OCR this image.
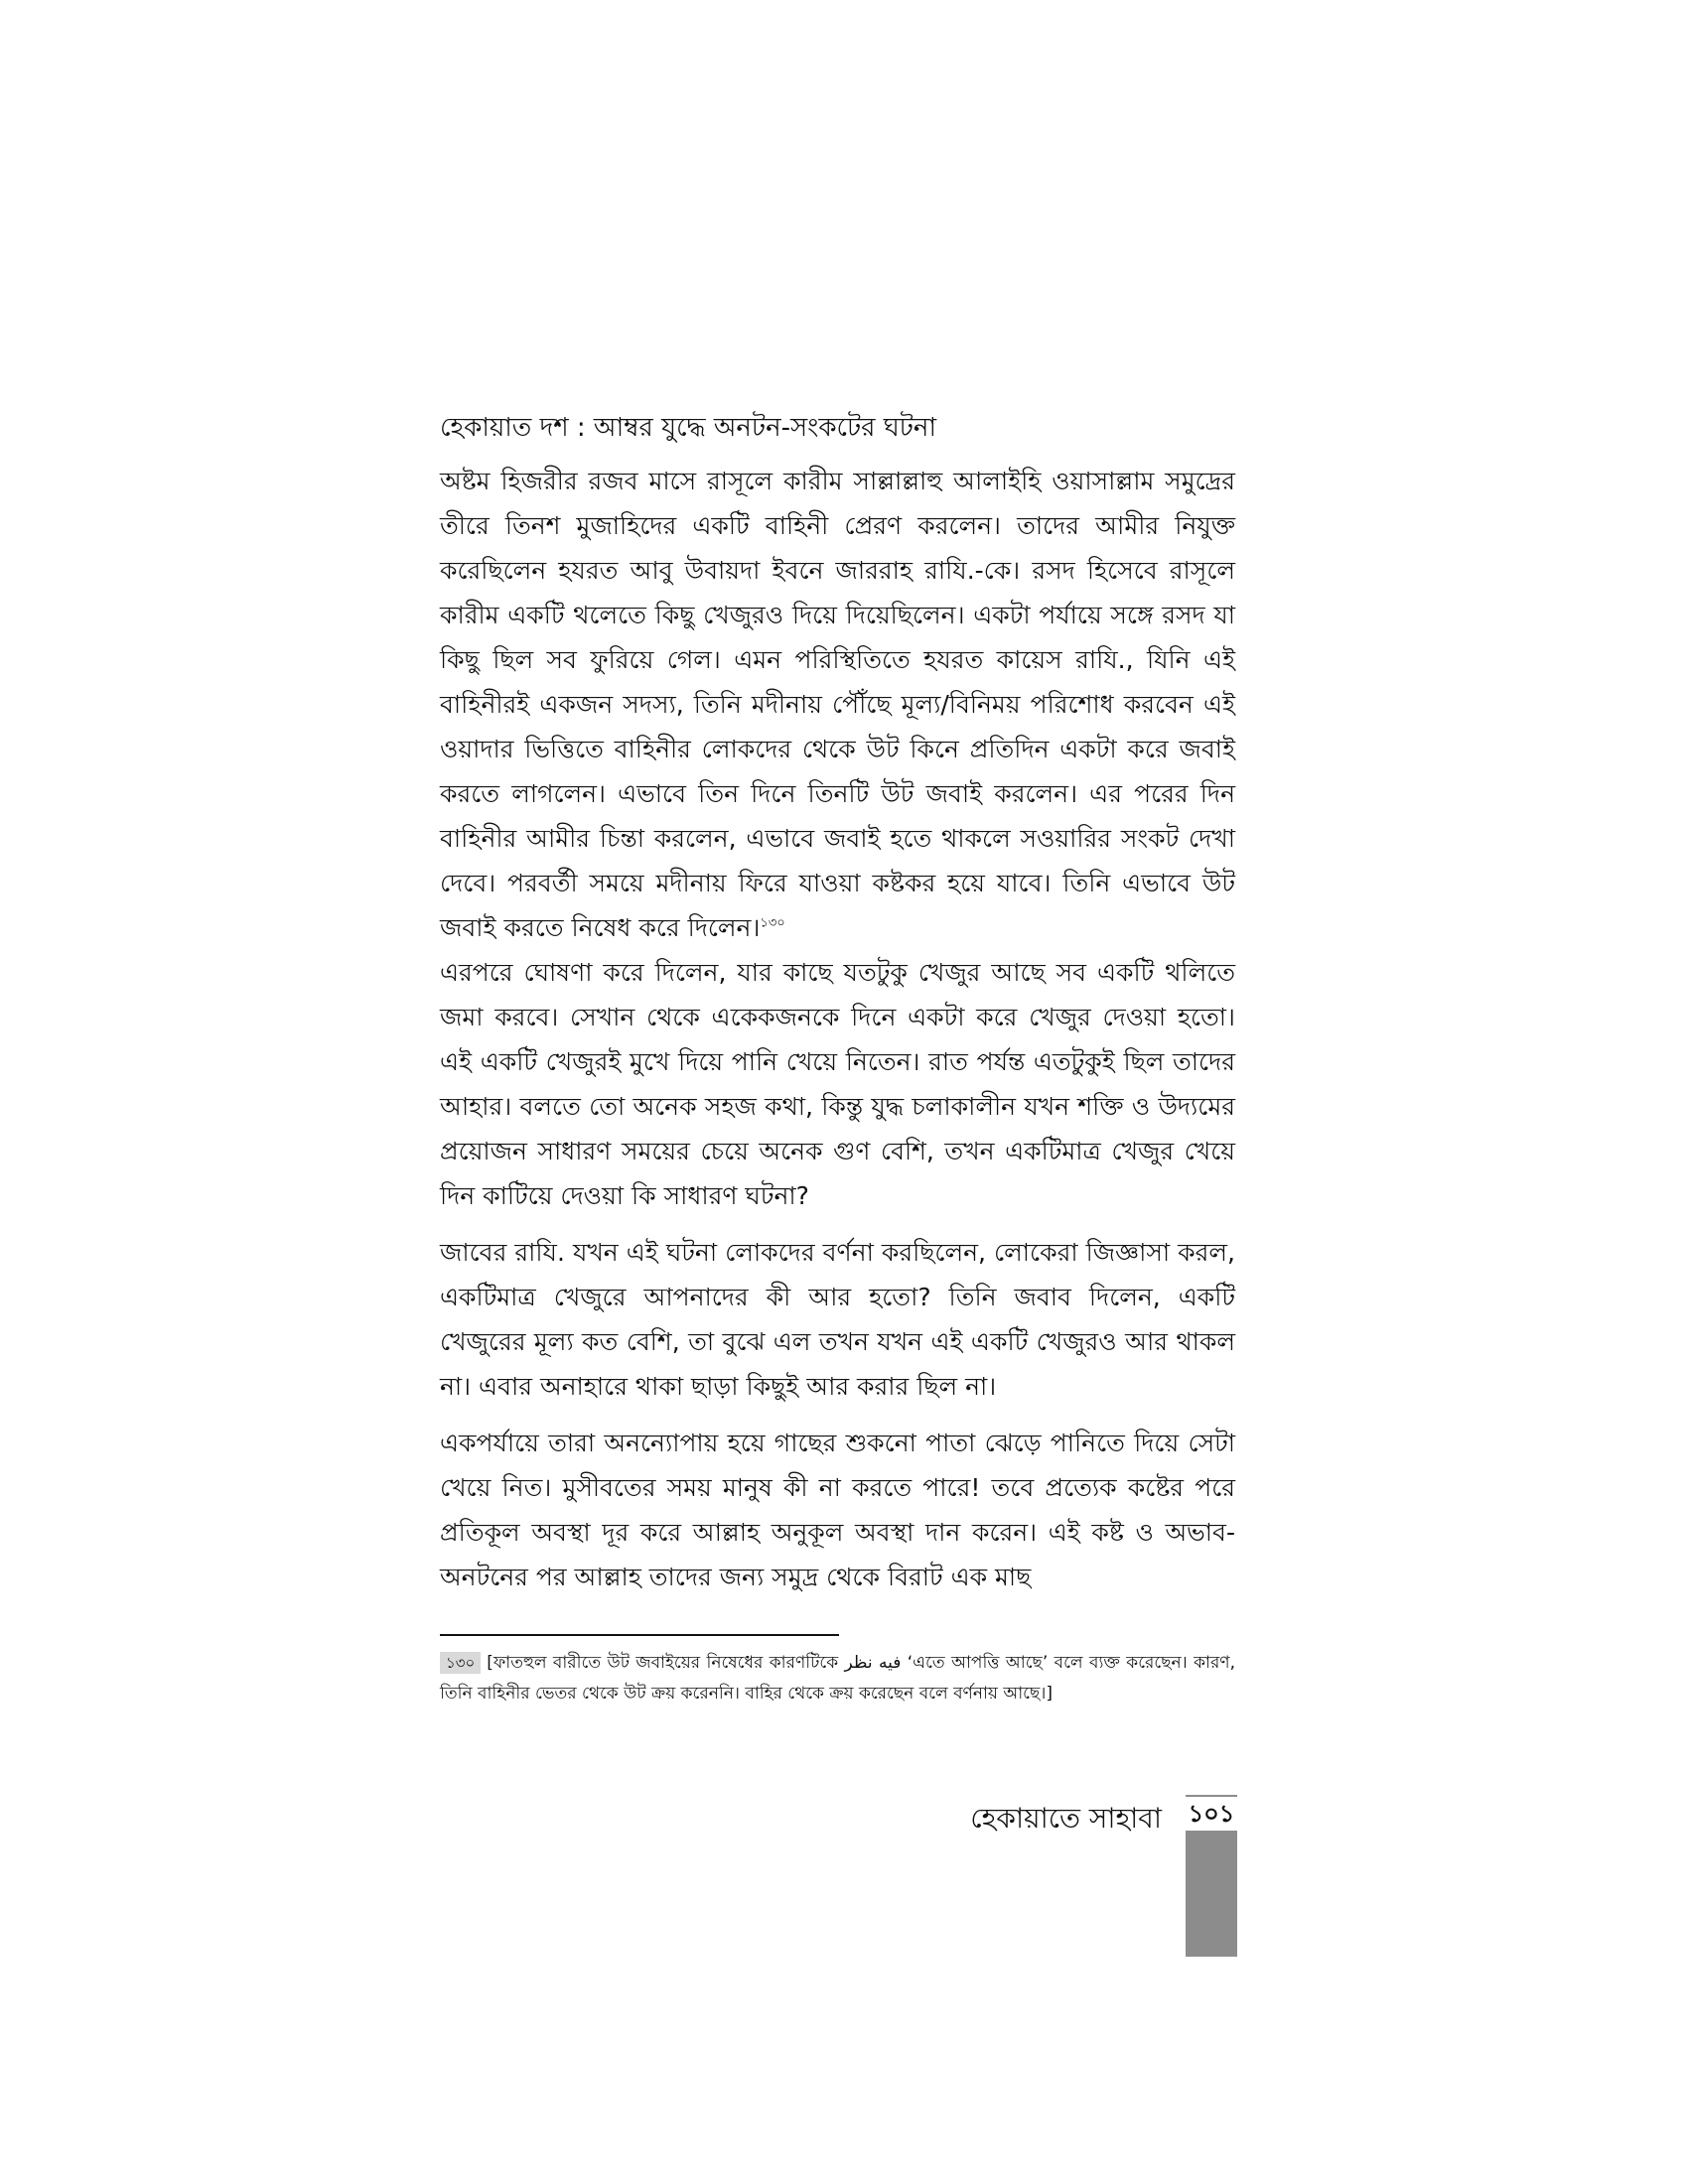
হেকায়াত দশ : আম্বর যুদ্ধে অনটন-সংকটের ঘটনা

অষ্টম হিজরীর রজব মাসে রাসূলে কারীম সাল্লাল্লাহু আলাইহি ওয়াসাল্লাম সমুদ্রের তীরে তিনশ মুজাহিদের একটি বাহিনী প্রেরণ করলেন। তাদের আমীর নিযুক্ত করেছিলেন হযরত আবু উবায়দা ইবনে জাররাহ রাযি.-কে। রসদ হিসেবে রাসূলে কারীম একটি থলেতে কিছু খেজুরও দিয়ে দিয়েছিলেন। একটা পর্যায়ে সঙ্গে রসদ যা কিছু ছিল সব ফুরিয়ে গেল। এমন পরিস্থিতিতে হযরত কায়েস রাযি., যিনি এই বাহিনীরই একজন সদস্য, তিনি মদীনায় পৌঁছে মূল্য/বিনিময় পরিশোধ করবেন এই ওয়াদার ভিত্তিতে বাহিনীর লোকদের থেকে উট কিনে প্রতিদিন একটা করে জবাই করতে লাগলেন। এভাবে তিন দিনে তিনটি উট জবাই করলেন। এর পরের দিন বাহিনীর আমীর চিন্তা করলেন, এভাবে জবাই হতে থাকলে সওয়ারির সংকট দেখা দেবে। পরবর্তী সময়ে মদীনায় ফিরে যাওয়া কষ্টকর হয়ে যাবে। তিনি এভাবে উট জবাই করতে নিষেধ করে দিলেন।$^{১৩০}$
এরপরে ঘোষণা করে দিলেন, যার কাছে যতটুকু খেজুর আছে সব একটি থলিতে জমা করবে। সেখান থেকে একেকজনকে দিনে একটা করে খেজুর দেওয়া হতো। এই একটি খেজুরই মুখে দিয়ে পানি খেয়ে নিতেন। রাত পর্যন্ত এতটুকুই ছিল তাদের আহার। বলতে তো অনেক সহজ কথা, কিন্তু যুদ্ধ চলাকালীন যখন শক্তি ও উদ্যমের প্রয়োজন সাধারণ সময়ের চেয়ে অনেক গুণ বেশি, তখন একটিমাত্র খেজুর খেয়ে দিন কাটিয়ে দেওয়া কি সাধারণ ঘটনা?

জাবের রাযি. যখন এই ঘটনা লোকদের বর্ণনা করছিলেন, লোকেরা জিজ্ঞাসা করল, একটিমাত্র খেজুরে আপনাদের কী আর হতো? তিনি জবাব দিলেন, একটি খেজুরের মূল্য কত বেশি, তা বুঝে এল তখন যখন এই একটি খেজুরও আর থাকল না। এবার অনাহারে থাকা ছাড়া কিছুই আর করার ছিল না।

একপর্যায়ে তারা অনন্যোপায় হয়ে গাছের শুকনো পাতা ঝেড়ে পানিতে দিয়ে সেটা খেয়ে নিত। মুসীবতের সময় মানুষ কী না করতে পারে! তবে প্রত্যেক কষ্টের পরে প্রতিকূল অবস্থা দূর করে আল্লাহ অনুকূল অবস্থা দান করেন। এই কষ্ট ও অভাব-অনটনের পর আল্লাহ তাদের জন্য সমুদ্র থেকে বিরাট এক মাছ

১৩০ [ফাতহুল বারীতে উট জবাইয়ের নিষেধের কারণটিকে فيه نظر ‘এতে আপত্তি আছে’ বলে ব্যক্ত করেছেন। কারণ, তিনি বাহিনীর ভেতর থেকে উট ক্রয় করেননি। বাহির থেকে ক্রয় করেছেন বলে বর্ণনায় আছে।]
হেকায়াতে সাহাবা ১০১
